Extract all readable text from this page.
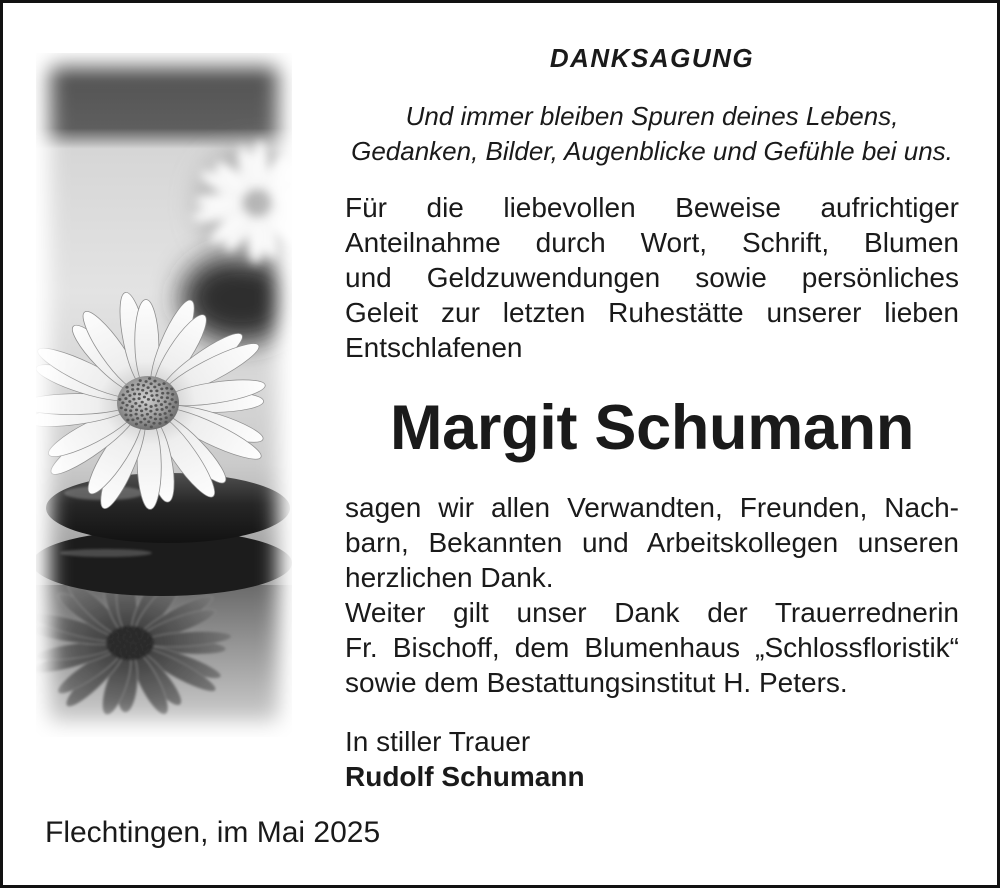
DANKSAGUNG
Und immer bleiben Spuren deines Lebens,
Gedanken, Bilder, Augenblicke und Gefühle bei uns.
Für die liebevollen Beweise aufrichtiger
Anteilnahme durch Wort, Schrift, Blumen
und Geldzuwendungen sowie persönliches
Geleit zur letzten Ruhestätte unserer lieben
Entschlafenen
Margit Schumann
sagen wir allen Verwandten, Freunden, Nach-
barn, Bekannten und Arbeitskollegen unseren
herzlichen Dank.
Weiter gilt unser Dank der Trauerrednerin
Fr. Bischoff, dem Blumenhaus „Schlossfloristik“
sowie dem Bestattungsinstitut H. Peters.
In stiller Trauer
Rudolf Schumann
Flechtingen, im Mai 2025
